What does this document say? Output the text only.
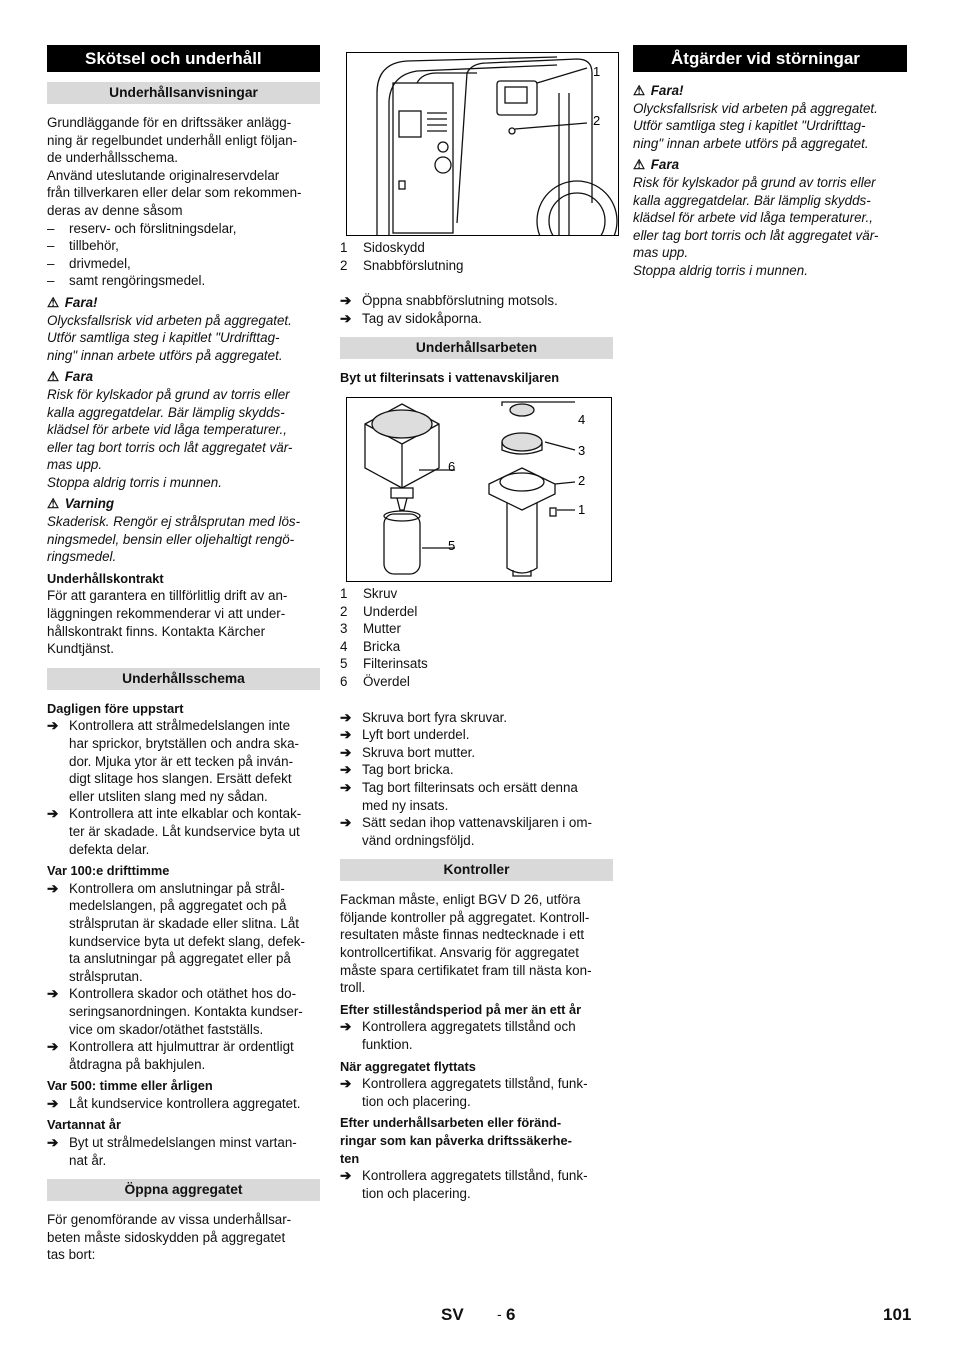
Skötsel och underhåll
Underhållsanvisningar
Grundläggande för en driftssäker anlägg-
ning är regelbundet underhåll enligt följan-
de underhållsschema.
Använd uteslutande originalreservdelar
från tillverkaren eller delar som rekommen-
deras av denne såsom
– reserv- och förslitningsdelar,
– tillbehör,
– drivmedel,
– samt rengöringsmedel.
⚠ Fara!
Olycksfallsrisk vid arbeten på aggregatet.
Utför samtliga steg i kapitlet "Urdrifttag-
ning" innan arbete utförs på aggregatet.
⚠ Fara
Risk för kylskador på grund av torris eller
kalla aggregatdelar. Bär lämplig skydds-
klädsel för arbete vid låga temperaturer.,
eller tag bort torris och låt aggregatet vär-
mas upp.
Stoppa aldrig torris i munnen.
⚠ Varning
Skaderisk. Rengör ej strålsprutan med lös-
ningsmedel, bensin eller oljehaltigt rengö-
ringsmedel.
Underhållskontrakt
För att garantera en tillförlitlig drift av an-
läggningen rekommenderar vi att under-
hållskontrakt finns. Kontakta Kärcher
Kundtjänst.
Underhållsschema
Dagligen före uppstart
➔ Kontrollera att strålmedelslangen inte
har sprickor, brytställen och andra ska-
dor. Mjuka ytor är ett tecken på inván-
digt slitage hos slangen. Ersätt defekt
eller utsliten slang med ny sådan.
➔ Kontrollera att inte elkablar och kontak-
ter är skadade. Låt kundservice byta ut
defekta delar.
Var 100:e drifttimme
➔ Kontrollera om anslutningar på strål-
medelslangen, på aggregatet och på
strålsprutan är skadade eller slitna. Låt
kundservice byta ut defekt slang, defek-
ta anslutningar på aggregatet eller på
strålsprutan.
➔ Kontrollera skador och otäthet hos do-
seringsanordningen. Kontakta kundser-
vice om skador/otäthet fastställs.
➔ Kontrollera att hjulmuttrar är ordentligt
åtdragna på bakhjulen.
Var 500: timme eller årligen
➔ Låt kundservice kontrollera aggregatet.
Vartannat år
➔ Byt ut strålmedelslangen minst vartan-
nat år.
Öppna aggregatet
För genomförande av vissa underhållsar-
beten måste sidoskydden på aggregatet
tas bort:
1
2
1	Sidoskydd
2	Snabbförslutning
➔ Öppna snabbförslutning motsols.
➔ Tag av sidokåporna.
Underhållsarbeten
Byt ut filterinsats i vattenavskiljaren
4
3
2
1
6
5
1	Skruv
2	Underdel
3	Mutter
4	Bricka
5	Filterinsats
6	Överdel
➔ Skruva bort fyra skruvar.
➔ Lyft bort underdel.
➔ Skruva bort mutter.
➔ Tag bort bricka.
➔ Tag bort filterinsats och ersätt denna
med ny insats.
➔ Sätt sedan ihop vattenavskiljaren i om-
vänd ordningsföljd.
Kontroller
Fackman måste, enligt BGV D 26, utföra
följande kontroller på aggregatet. Kontroll-
resultaten måste finnas nedtecknade i ett
kontrollcertifikat. Ansvarig för aggregatet
måste spara certifikatet fram till nästa kon-
troll.
Efter stilleståndsperiod på mer än ett år
➔ Kontrollera aggregatets tillstånd och
funktion.
När aggregatet flyttats
➔ Kontrollera aggregatets tillstånd, funk-
tion och placering.
Efter underhållsarbeten eller föränd-
ringar som kan påverka driftssäkerhe-
ten
➔ Kontrollera aggregatets tillstånd, funk-
tion och placering.
Åtgärder vid störningar
⚠ Fara!
Olycksfallsrisk vid arbeten på aggregatet.
Utför samtliga steg i kapitlet "Urdrifttag-
ning" innan arbete utförs på aggregatet.
⚠ Fara
Risk för kylskador på grund av torris eller
kalla aggregatdelar. Bär lämplig skydds-
klädsel för arbete vid låga temperaturer.,
eller tag bort torris och låt aggregatet vär-
mas upp.
Stoppa aldrig torris i munnen.
SV - 6	101
